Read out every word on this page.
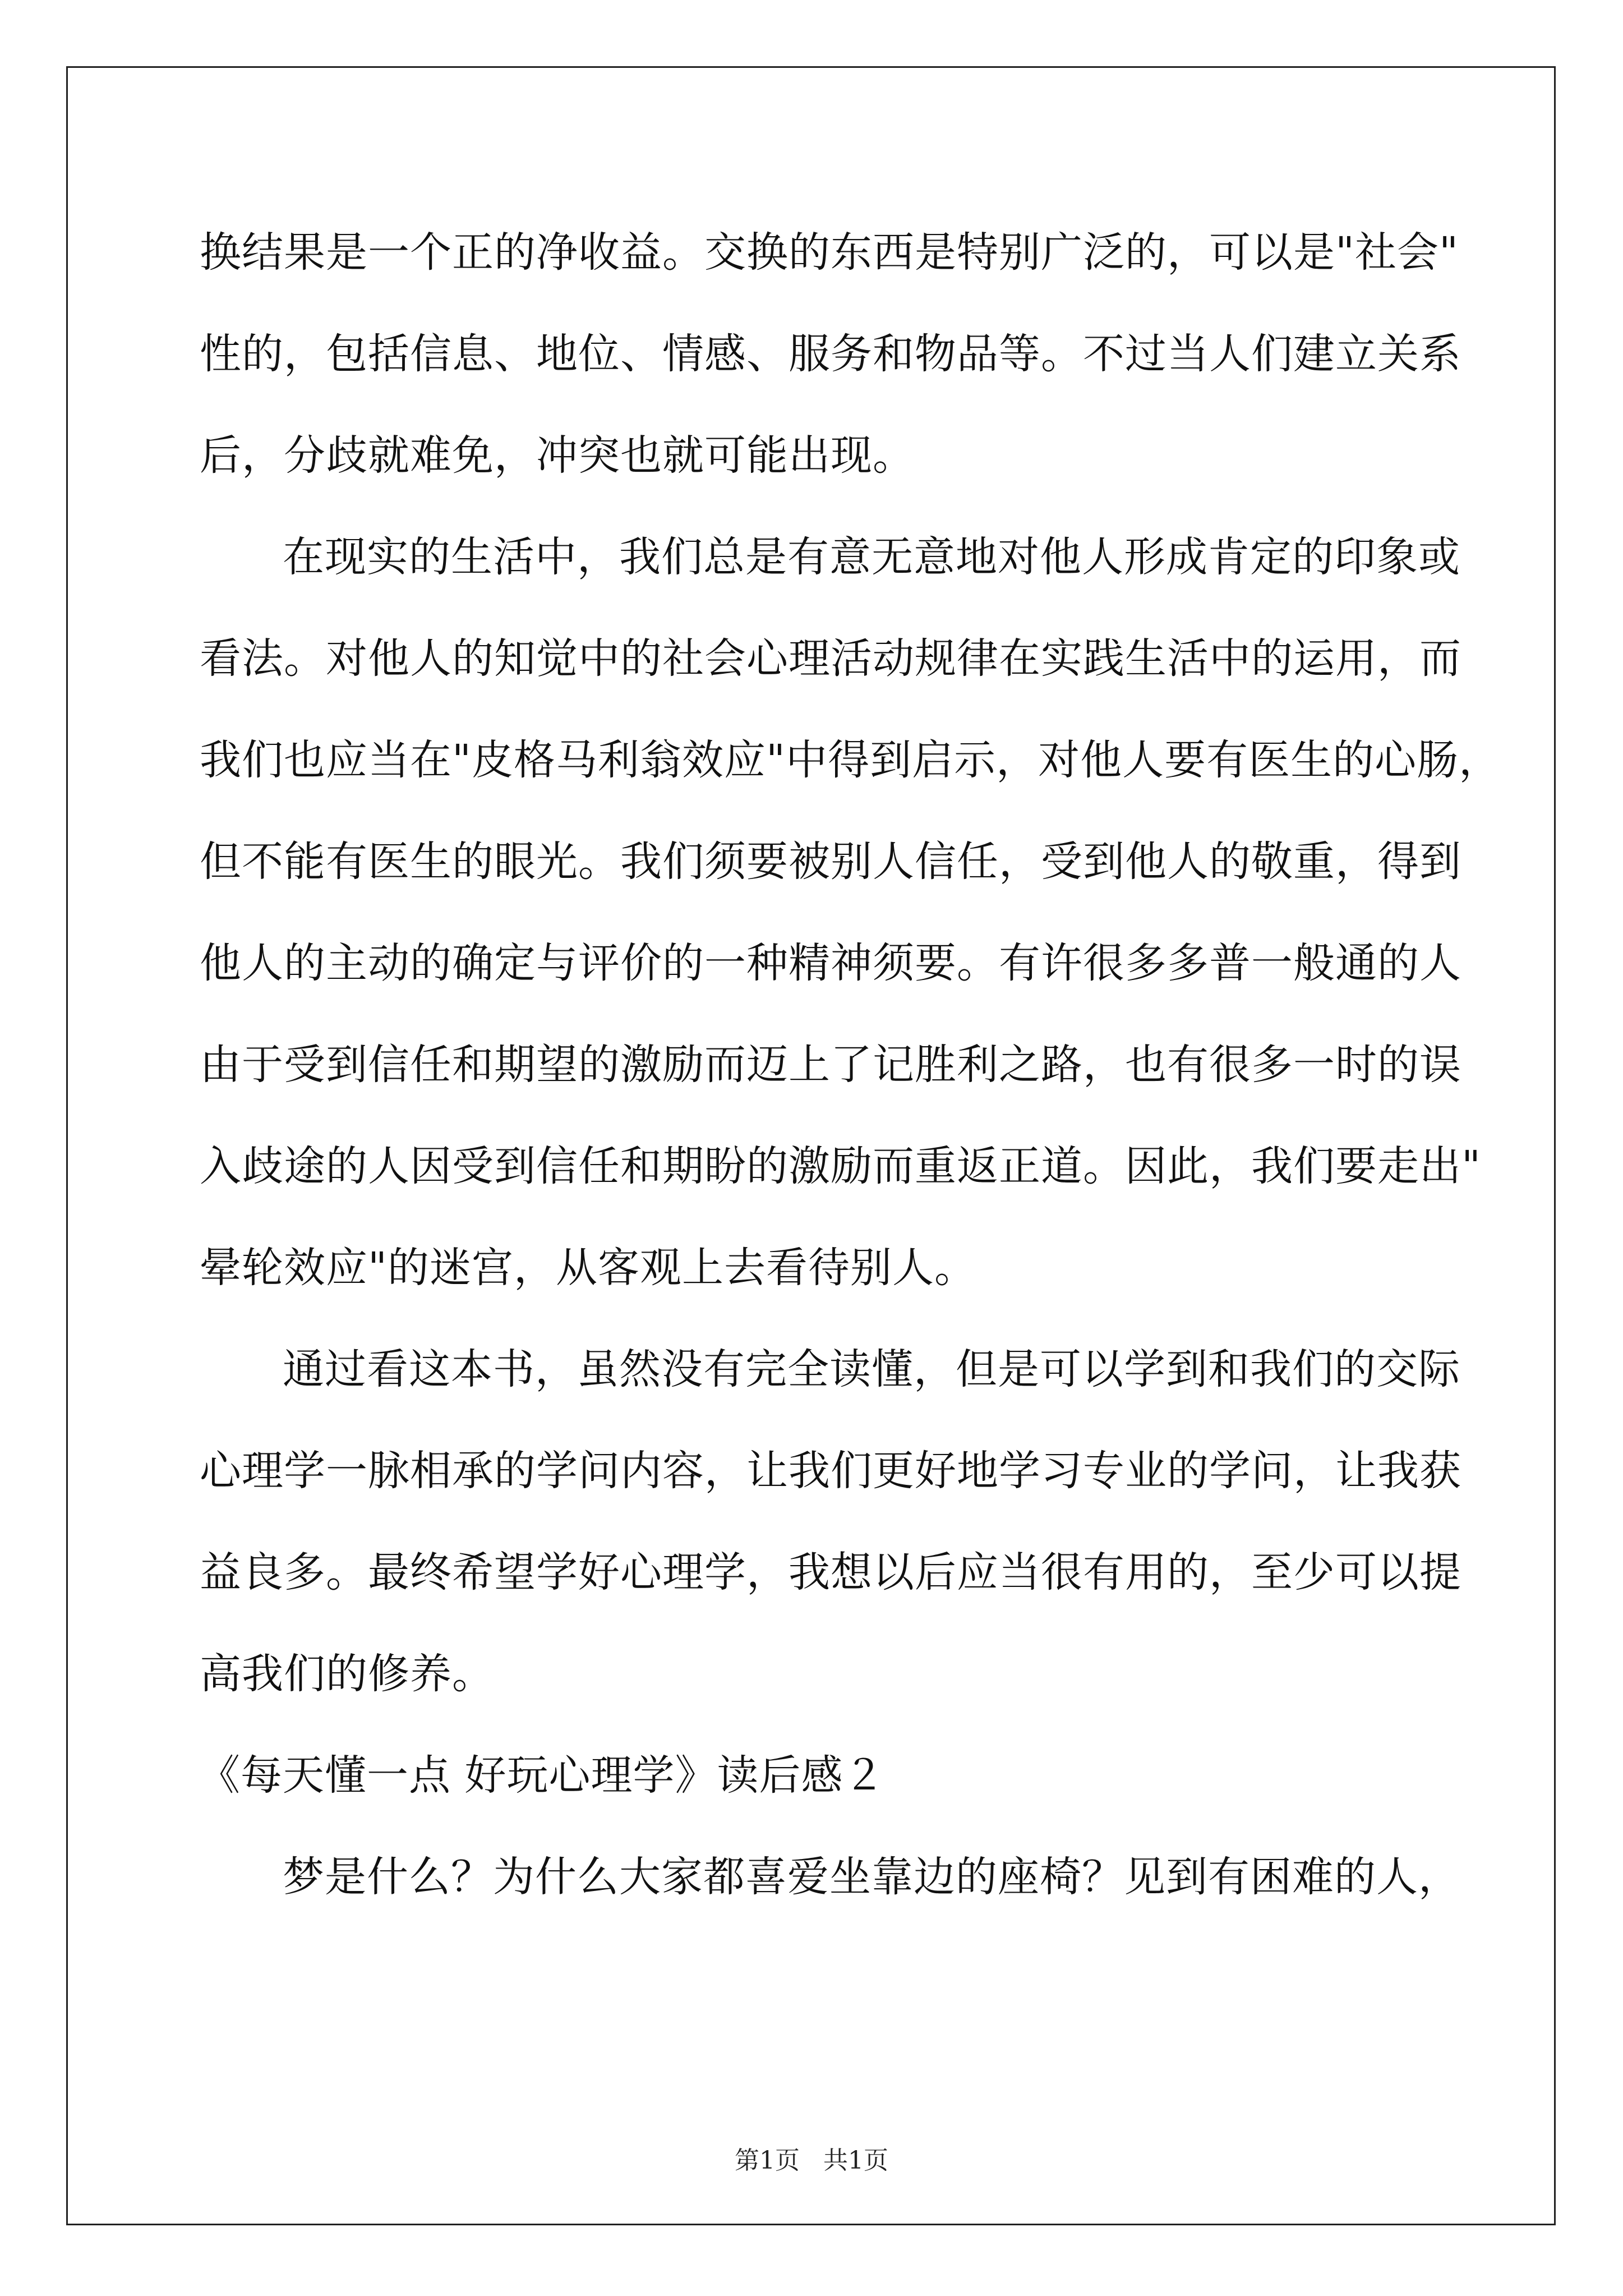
换结果是一个正的净收益。交换的东西是特别广泛的，可以是"社会"
性的，包括信息、地位、情感、服务和物品等。不过当人们建立关系
后，分歧就难免，冲突也就可能出现。
在现实的生活中，我们总是有意无意地对他人形成肯定的印象或
看法。对他人的知觉中的社会心理活动规律在实践生活中的运用，而
我们也应当在"皮格马利翁效应"中得到启示，对他人要有医生的心肠，
但不能有医生的眼光。我们须要被别人信任，受到他人的敬重，得到
他人的主动的确定与评价的一种精神须要。有许很多多普一般通的人
由于受到信任和期望的激励而迈上了记胜利之路，也有很多一时的误
入歧途的人因受到信任和期盼的激励而重返正道。因此，我们要走出"
晕轮效应"的迷宫，从客观上去看待别人。
通过看这本书，虽然没有完全读懂，但是可以学到和我们的交际
心理学一脉相承的学问内容，让我们更好地学习专业的学问，让我获
益良多。最终希望学好心理学，我想以后应当很有用的，至少可以提
高我们的修养。
《每天懂一点 好玩心理学》读后感２
梦是什么？为什么大家都喜爱坐靠边的座椅？见到有困难的人，
第1页   共1页
